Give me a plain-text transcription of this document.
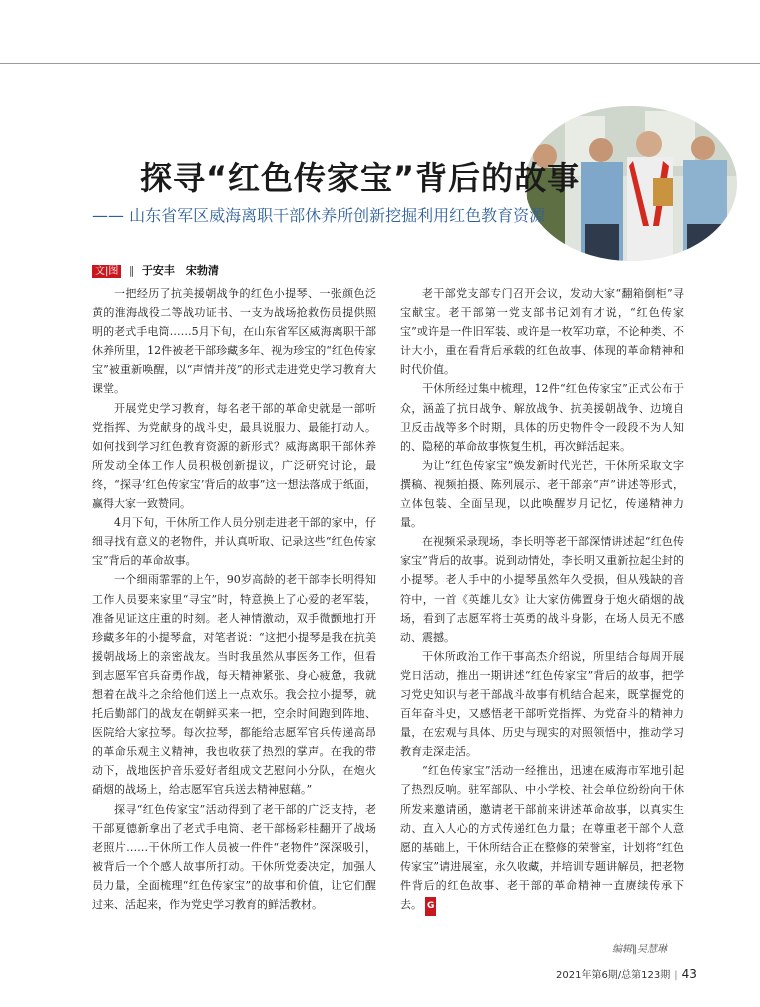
探寻“红色传家宝”背后的故事
—— 山东省军区威海离职干部休养所创新挖掘利用红色教育资源
文|图 ‖ 于安丰　宋勃清

一把经历了抗美援朝战争的红色小提琴、一张颜色泛黄的淮海战役二等战功证书、一支为战场抢救伤员提供照明的老式手电筒……5月下旬，在山东省军区威海离职干部休养所里，12件被老干部珍藏多年、视为珍宝的“红色传家宝”被重新唤醒，以“声情并茂”的形式走进党史学习教育大课堂。

开展党史学习教育，每名老干部的革命史就是一部听党指挥、为党献身的战斗史，最具说服力、最能打动人。如何找到学习红色教育资源的新形式？威海离职干部休养所发动全体工作人员积极创新提议，广泛研究讨论，最终，“探寻‘红色传家宝’背后的故事”这一想法落成于纸面，赢得大家一致赞同。

4月下旬，干休所工作人员分别走进老干部的家中，仔细寻找有意义的老物件，并认真听取、记录这些“红色传家宝”背后的革命故事。

一个细雨霏霏的上午，90岁高龄的老干部李长明得知工作人员要来家里“寻宝”时，特意换上了心爱的老军装，准备见证这庄重的时刻。老人神情激动，双手微颤地打开珍藏多年的小提琴盒，对笔者说：“这把小提琴是我在抗美援朝战场上的亲密战友。当时我虽然从事医务工作，但看到志愿军官兵奋勇作战，每天精神紧张、身心疲惫，我就想着在战斗之余给他们送上一点欢乐。我会拉小提琴，就托后勤部门的战友在朝鲜买来一把，空余时间跑到阵地、医院给大家拉琴。每次拉琴，都能给志愿军官兵传递高昂的革命乐观主义精神，我也收获了热烈的掌声。在我的带动下，战地医护音乐爱好者组成文艺慰问小分队，在炮火硝烟的战场上，给志愿军官兵送去精神慰藉。”

探寻“红色传家宝”活动得到了老干部的广泛支持，老干部夏德新拿出了老式手电筒、老干部杨彩桂翻开了战场老照片……干休所工作人员被一件件“老物件”深深吸引，被背后一个个感人故事所打动。干休所党委决定，加强人员力量，全面梳理“红色传家宝”的故事和价值，让它们醒过来、活起来，作为党史学习教育的鲜活教材。

老干部党支部专门召开会议，发动大家“翻箱倒柜”寻宝献宝。老干部第一党支部书记刘有才说，“红色传家宝”或许是一件旧军装、或许是一枚军功章，不论种类、不计大小，重在看背后承载的红色故事、体现的革命精神和时代价值。

干休所经过集中梳理，12件“红色传家宝”正式公布于众，涵盖了抗日战争、解放战争、抗美援朝战争、边境自卫反击战等多个时期，具体的历史物件令一段段不为人知的、隐秘的革命故事恢复生机，再次鲜活起来。

为让“红色传家宝”焕发新时代光芒，干休所采取文字撰稿、视频拍摄、陈列展示、老干部亲“声”讲述等形式，立体包装、全面呈现，以此唤醒岁月记忆，传递精神力量。

在视频采录现场，李长明等老干部深情讲述起“红色传家宝”背后的故事。说到动情处，李长明又重新拉起尘封的小提琴。老人手中的小提琴虽然年久受损，但从残缺的音符中，一首《英雄儿女》让大家仿佛置身于炮火硝烟的战场，看到了志愿军将士英勇的战斗身影，在场人员无不感动、震撼。

干休所政治工作干事高杰介绍说，所里结合每周开展党日活动，推出一期讲述“红色传家宝”背后的故事，把学习党史知识与老干部战斗故事有机结合起来，既掌握党的百年奋斗史，又感悟老干部听党指挥、为党奋斗的精神力量，在宏观与具体、历史与现实的对照领悟中，推动学习教育走深走活。

“红色传家宝”活动一经推出，迅速在威海市军地引起了热烈反响。驻军部队、中小学校、社会单位纷纷向干休所发来邀请函，邀请老干部前来讲述革命故事，以真实生动、直入人心的方式传递红色力量；在尊重老干部个人意愿的基础上，干休所结合正在整修的荣誉室，计划将“红色传家宝”请进展室，永久收藏，并培训专题讲解员，把老物件背后的红色故事、老干部的革命精神一直赓续传承下去。 G

编辑‖吴慧琳
2021年第6期/总第123期 | 43
